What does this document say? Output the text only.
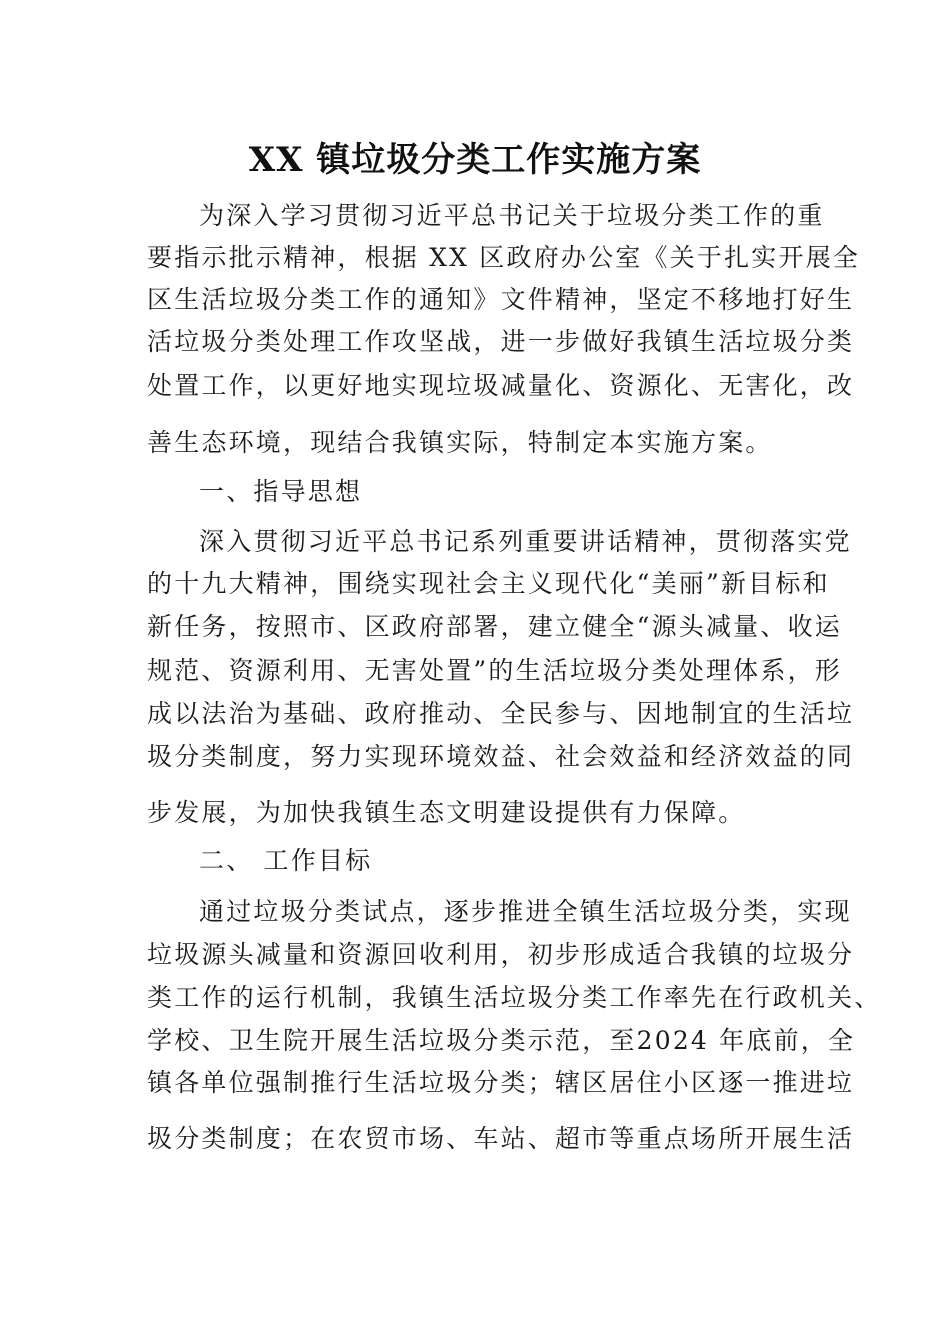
XX 镇垃圾分类工作实施方案
为深入学习贯彻习近平总书记关于垃圾分类工作的重
要指示批示精神，根据 XX 区政府办公室《关于扎实开展全
区生活垃圾分类工作的通知》文件精神，坚定不移地打好生
活垃圾分类处理工作攻坚战，进一步做好我镇生活垃圾分类
处置工作，以更好地实现垃圾减量化、资源化、无害化，改
善生态环境，现结合我镇实际，特制定本实施方案。
一、指导思想
深入贯彻习近平总书记系列重要讲话精神，贯彻落实党
的十九大精神，围绕实现社会主义现代化“美丽”新目标和
新任务，按照市、区政府部署，建立健全“源头减量、收运
规范、资源利用、无害处置”的生活垃圾分类处理体系，形
成以法治为基础、政府推动、全民参与、因地制宜的生活垃
圾分类制度，努力实现环境效益、社会效益和经济效益的同
步发展，为加快我镇生态文明建设提供有力保障。
二、 工作目标
通过垃圾分类试点，逐步推进全镇生活垃圾分类，实现
垃圾源头减量和资源回收利用，初步形成适合我镇的垃圾分
类工作的运行机制，我镇生活垃圾分类工作率先在行政机关、
学校、卫生院开展生活垃圾分类示范，至2024 年底前，全
镇各单位强制推行生活垃圾分类；辖区居住小区逐一推进垃
圾分类制度；在农贸市场、车站、超市等重点场所开展生活
